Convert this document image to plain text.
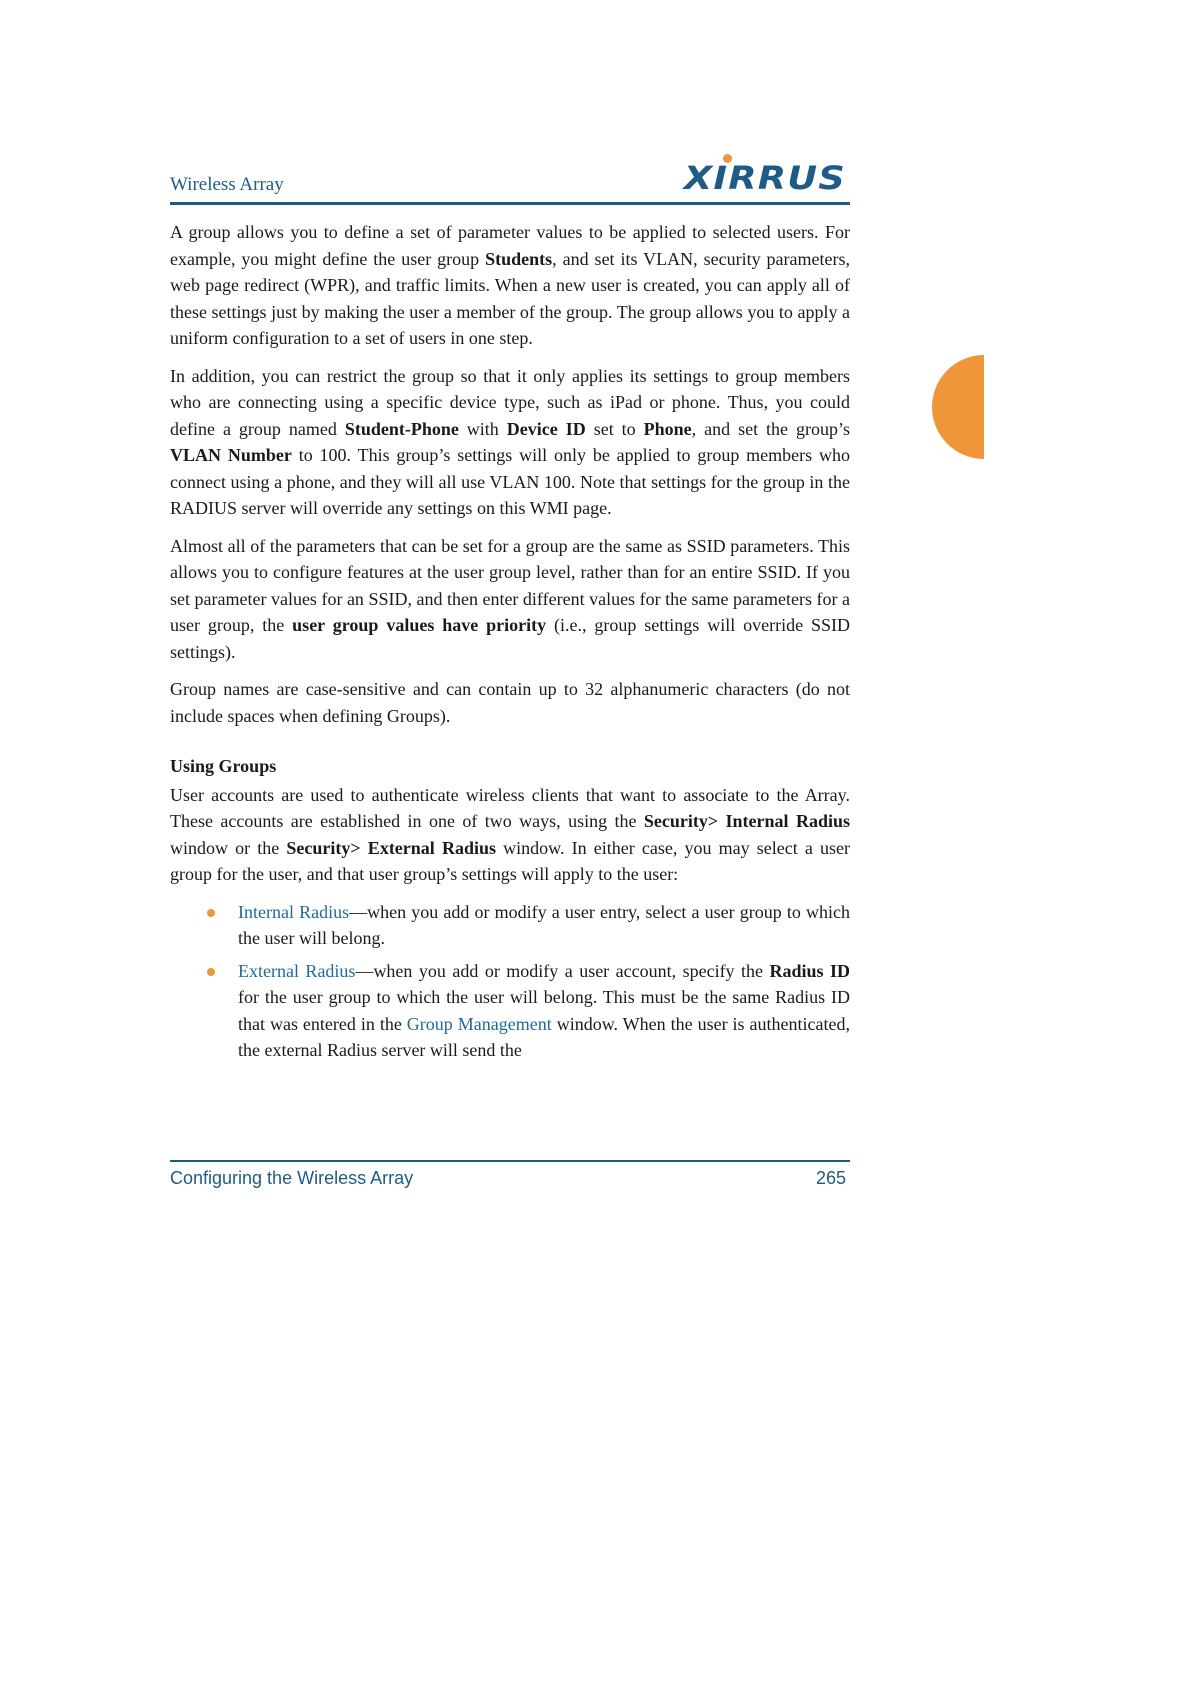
Wireless Array	XIRRUS

A group allows you to define a set of parameter values to be applied to selected users. For example, you might define the user group Students, and set its VLAN, security parameters, web page redirect (WPR), and traffic limits. When a new user is created, you can apply all of these settings just by making the user a member of the group. The group allows you to apply a uniform configuration to a set of users in one step.

In addition, you can restrict the group so that it only applies its settings to group members who are connecting using a specific device type, such as iPad or phone. Thus, you could define a group named Student-Phone with Device ID set to Phone, and set the group’s VLAN Number to 100. This group’s settings will only be applied to group members who connect using a phone, and they will all use VLAN 100. Note that settings for the group in the RADIUS server will override any settings on this WMI page.

Almost all of the parameters that can be set for a group are the same as SSID parameters. This allows you to configure features at the user group level, rather than for an entire SSID. If you set parameter values for an SSID, and then enter different values for the same parameters for a user group, the user group values have priority (i.e., group settings will override SSID settings).

Group names are case-sensitive and can contain up to 32 alphanumeric characters (do not include spaces when defining Groups).

Using Groups

User accounts are used to authenticate wireless clients that want to associate to the Array. These accounts are established in one of two ways, using the Security> Internal Radius window or the Security> External Radius window. In either case, you may select a user group for the user, and that user group’s settings will apply to the user:

Internal Radius—when you add or modify a user entry, select a user group to which the user will belong.
External Radius—when you add or modify a user account, specify the Radius ID for the user group to which the user will belong. This must be the same Radius ID that was entered in the Group Management window. When the user is authenticated, the external Radius server will send the
Configuring the Wireless Array	265
